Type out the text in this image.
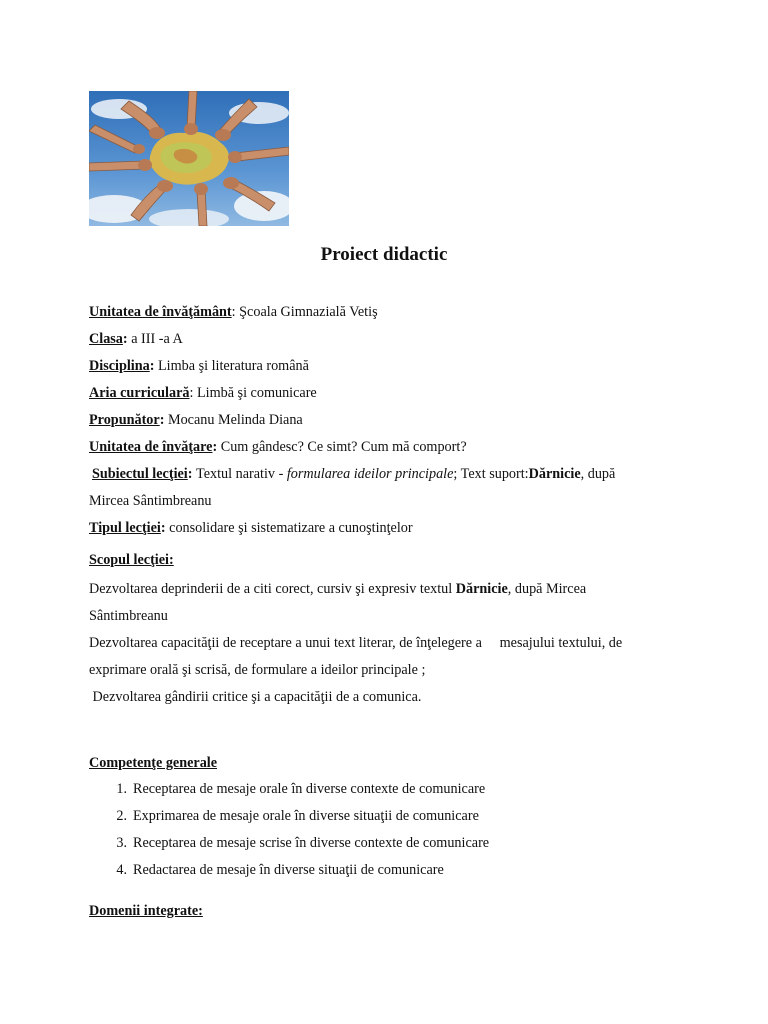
Proiect didactic
Unitatea de învăţământ: Şcoala Gimnazială Vetiş
Clasa: a III -a A
Disciplina: Limba şi literatura română
Aria curriculară: Limbă şi comunicare
Propunător: Mocanu Melinda Diana
Unitatea de învăţare: Cum gândesc? Ce simt? Cum mă comport?
Subiectul lecţiei: Textul narativ - formularea ideilor principale; Text suport:Dărnicie, după
Mircea Sântimbreanu
Tipul lecţiei: consolidare şi sistematizare a cunoştinţelor
Scopul lecţiei:
Dezvoltarea deprinderii de a citi corect, cursiv şi expresiv textul Dărnicie, după Mircea
Sântimbreanu
Dezvoltarea capacităţii de receptare a unui text literar, de înţelegere a     mesajului textului, de
exprimare orală şi scrisă, de formulare a ideilor principale ;
Dezvoltarea gândirii critice şi a capacităţii de a comunica.
Competenţe generale
1. Receptarea de mesaje orale în diverse contexte de comunicare
2. Exprimarea de mesaje orale în diverse situaţii de comunicare
3. Receptarea de mesaje scrise în diverse contexte de comunicare
4. Redactarea de mesaje în diverse situaţii de comunicare
Domenii integrate:
